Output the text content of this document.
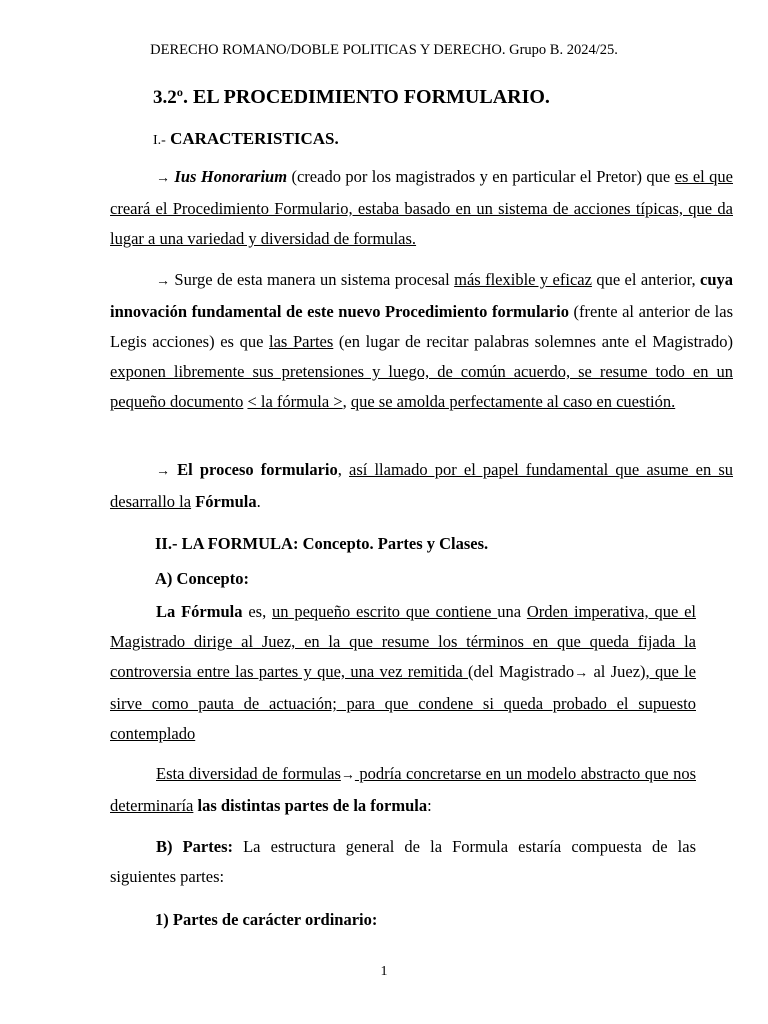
DERECHO ROMANO/DOBLE POLITICAS Y DERECHO. Grupo B. 2024/25.
3.2º. EL PROCEDIMIENTO FORMULARIO.
I.- CARACTERISTICAS.

→ Ius Honorarium (creado por los magistrados y en particular el Pretor) que es el que creará el Procedimiento Formulario, estaba basado en un sistema de acciones típicas, que da lugar a una variedad y diversidad de formulas.

→ Surge de esta manera un sistema procesal más flexible y eficaz que el anterior, cuya innovación fundamental de este nuevo Procedimiento formulario (frente al anterior de las Legis acciones) es que las Partes (en lugar de recitar palabras solemnes ante el Magistrado) exponen libremente sus pretensiones y luego, de común acuerdo, se resume todo en un pequeño documento < la fórmula >, que se amolda perfectamente al caso en cuestión.

→ El proceso formulario, así llamado por el papel fundamental que asume en su desarrallo la Fórmula.

II.- LA FORMULA: Concepto. Partes y Clases.
A) Concepto:

La Fórmula es, un pequeño escrito que contiene una Orden imperativa, que el Magistrado dirige al Juez, en la que resume los términos en que queda fijada la controversia entre las partes y que, una vez remitida (del Magistrado→ al Juez), que le sirve como pauta de actuación; para que condene si queda probado el supuesto contemplado

Esta diversidad de formulas→ podría concretarse en un modelo abstracto que nos determinaría las distintas partes de la formula:

B) Partes: La estructura general de la Formula estaría compuesta de las siguientes partes:

1) Partes de carácter ordinario:
1
